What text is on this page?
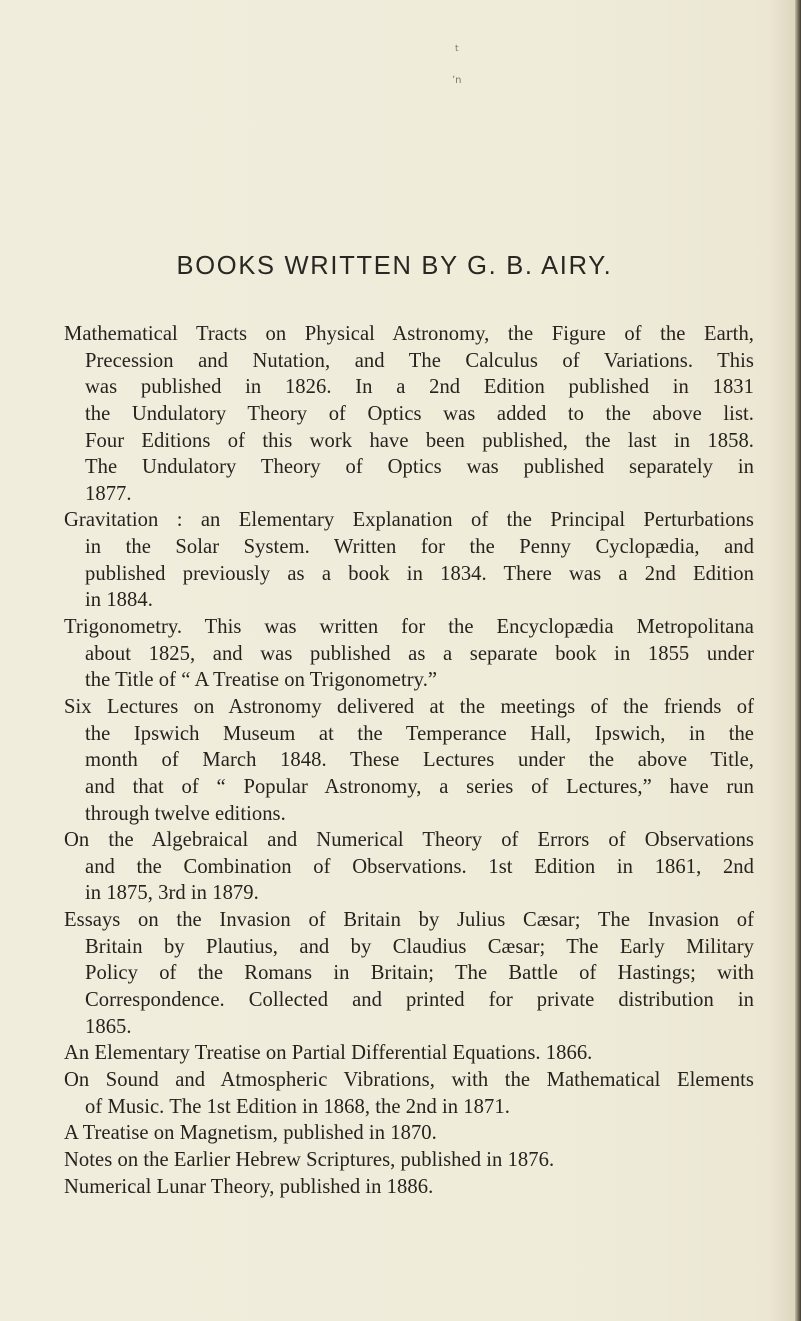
t
ʼn
BOOKS WRITTEN BY G. B. AIRY.
Mathematical Tracts on Physical Astronomy, the Figure of the Earth,
Precession and Nutation, and The Calculus of Variations. This
was published in 1826. In a 2nd Edition published in 1831
the Undulatory Theory of Optics was added to the above list.
Four Editions of this work have been published, the last in 1858.
The Undulatory Theory of Optics was published separately in
1877.
Gravitation : an Elementary Explanation of the Principal Perturbations
in the Solar System. Written for the Penny Cyclopædia, and
published previously as a book in 1834. There was a 2nd Edition
in 1884.
Trigonometry. This was written for the Encyclopædia Metropolitana
about 1825, and was published as a separate book in 1855 under
the Title of “ A Treatise on Trigonometry.”
Six Lectures on Astronomy delivered at the meetings of the friends of
the Ipswich Museum at the Temperance Hall, Ipswich, in the
month of March 1848. These Lectures under the above Title,
and that of “ Popular Astronomy, a series of Lectures,” have run
through twelve editions.
On the Algebraical and Numerical Theory of Errors of Observations
and the Combination of Observations. 1st Edition in 1861, 2nd
in 1875, 3rd in 1879.
Essays on the Invasion of Britain by Julius Cæsar; The Invasion of
Britain by Plautius, and by Claudius Cæsar; The Early Military
Policy of the Romans in Britain; The Battle of Hastings; with
Correspondence. Collected and printed for private distribution in
1865.
An Elementary Treatise on Partial Differential Equations. 1866.
On Sound and Atmospheric Vibrations, with the Mathematical Elements
of Music. The 1st Edition in 1868, the 2nd in 1871.
A Treatise on Magnetism, published in 1870.
Notes on the Earlier Hebrew Scriptures, published in 1876.
Numerical Lunar Theory, published in 1886.
